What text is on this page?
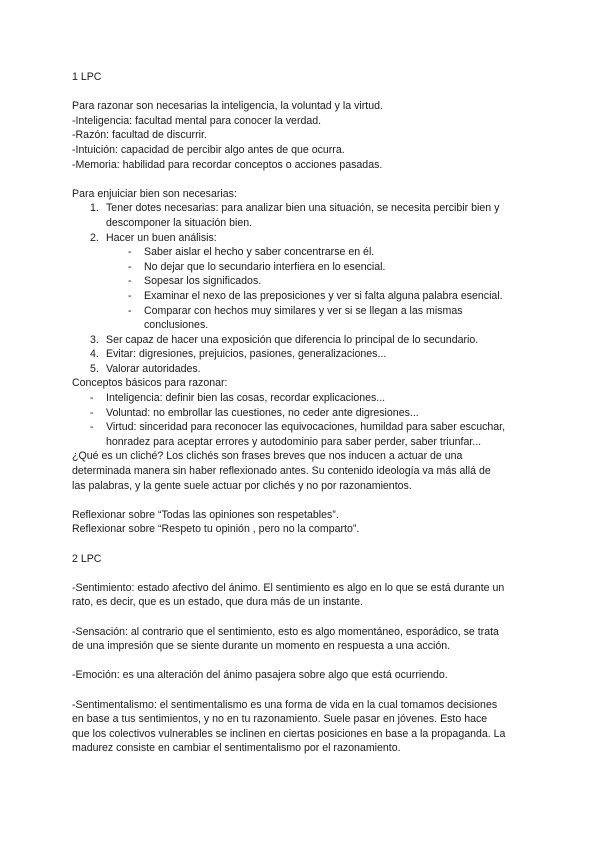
1 LPC
Para razonar son necesarias la inteligencia, la voluntad y la virtud.
-Inteligencia: facultad mental para conocer la verdad.
-Razón: facultad de discurrir.
-Intuición: capacidad de percibir algo antes de que ocurra.
-Memoria: habilidad para recordar conceptos o acciones pasadas.
Para enjuiciar bien son necesarias:
1. Tener dotes necesarias: para analizar bien una situación, se necesita percibir bien y
descomponer la situación bien.
2. Hacer un buen análisis:
- Saber aislar el hecho y saber concentrarse en él.
- No dejar que lo secundario interfiera en lo esencial.
- Sopesar los significados.
- Examinar el nexo de las preposiciones y ver si falta alguna palabra esencial.
- Comparar con hechos muy similares y ver si se llegan a las mismas
conclusiones.
3. Ser capaz de hacer una exposición que diferencia lo principal de lo secundario.
4. Evitar: digresiones, prejuicios, pasiones, generalizaciones...
5. Valorar autoridades.
Conceptos básicos para razonar:
- Inteligencia: definir bien las cosas, recordar explicaciones...
- Voluntad: no embrollar las cuestiones, no ceder ante digresiones...
- Virtud: sinceridad para reconocer las equivocaciones, humildad para saber escuchar,
honradez para aceptar errores y autodominio para saber perder, saber triunfar...
¿Qué es un cliché? Los clichés son frases breves que nos inducen a actuar de una
determinada manera sin haber reflexionado antes. Su contenido ideología va más allá de
las palabras, y la gente suele actuar por clichés y no por razonamientos.
Reflexionar sobre “Todas las opiniones son respetables”.
Reflexionar sobre “Respeto tu opinión , pero no la comparto”.
2 LPC
-Sentimiento: estado afectivo del ánimo. El sentimiento es algo en lo que se está durante un
rato, es decir, que es un estado, que dura más de un instante.
-Sensación: al contrario que el sentimiento, esto es algo momentáneo, esporádico, se trata
de una impresión que se siente durante un momento en respuesta a una acción.
-Emoción: es una alteración del ánimo pasajera sobre algo que está ocurriendo.
-Sentimentalismo: el sentimentalismo es una forma de vida en la cual tomamos decisiones
en base a tus sentimientos, y no en tu razonamiento. Suele pasar en jóvenes. Esto hace
que los colectivos vulnerables se inclinen en ciertas posiciones en base a la propaganda. La
madurez consiste en cambiar el sentimentalismo por el razonamiento.
